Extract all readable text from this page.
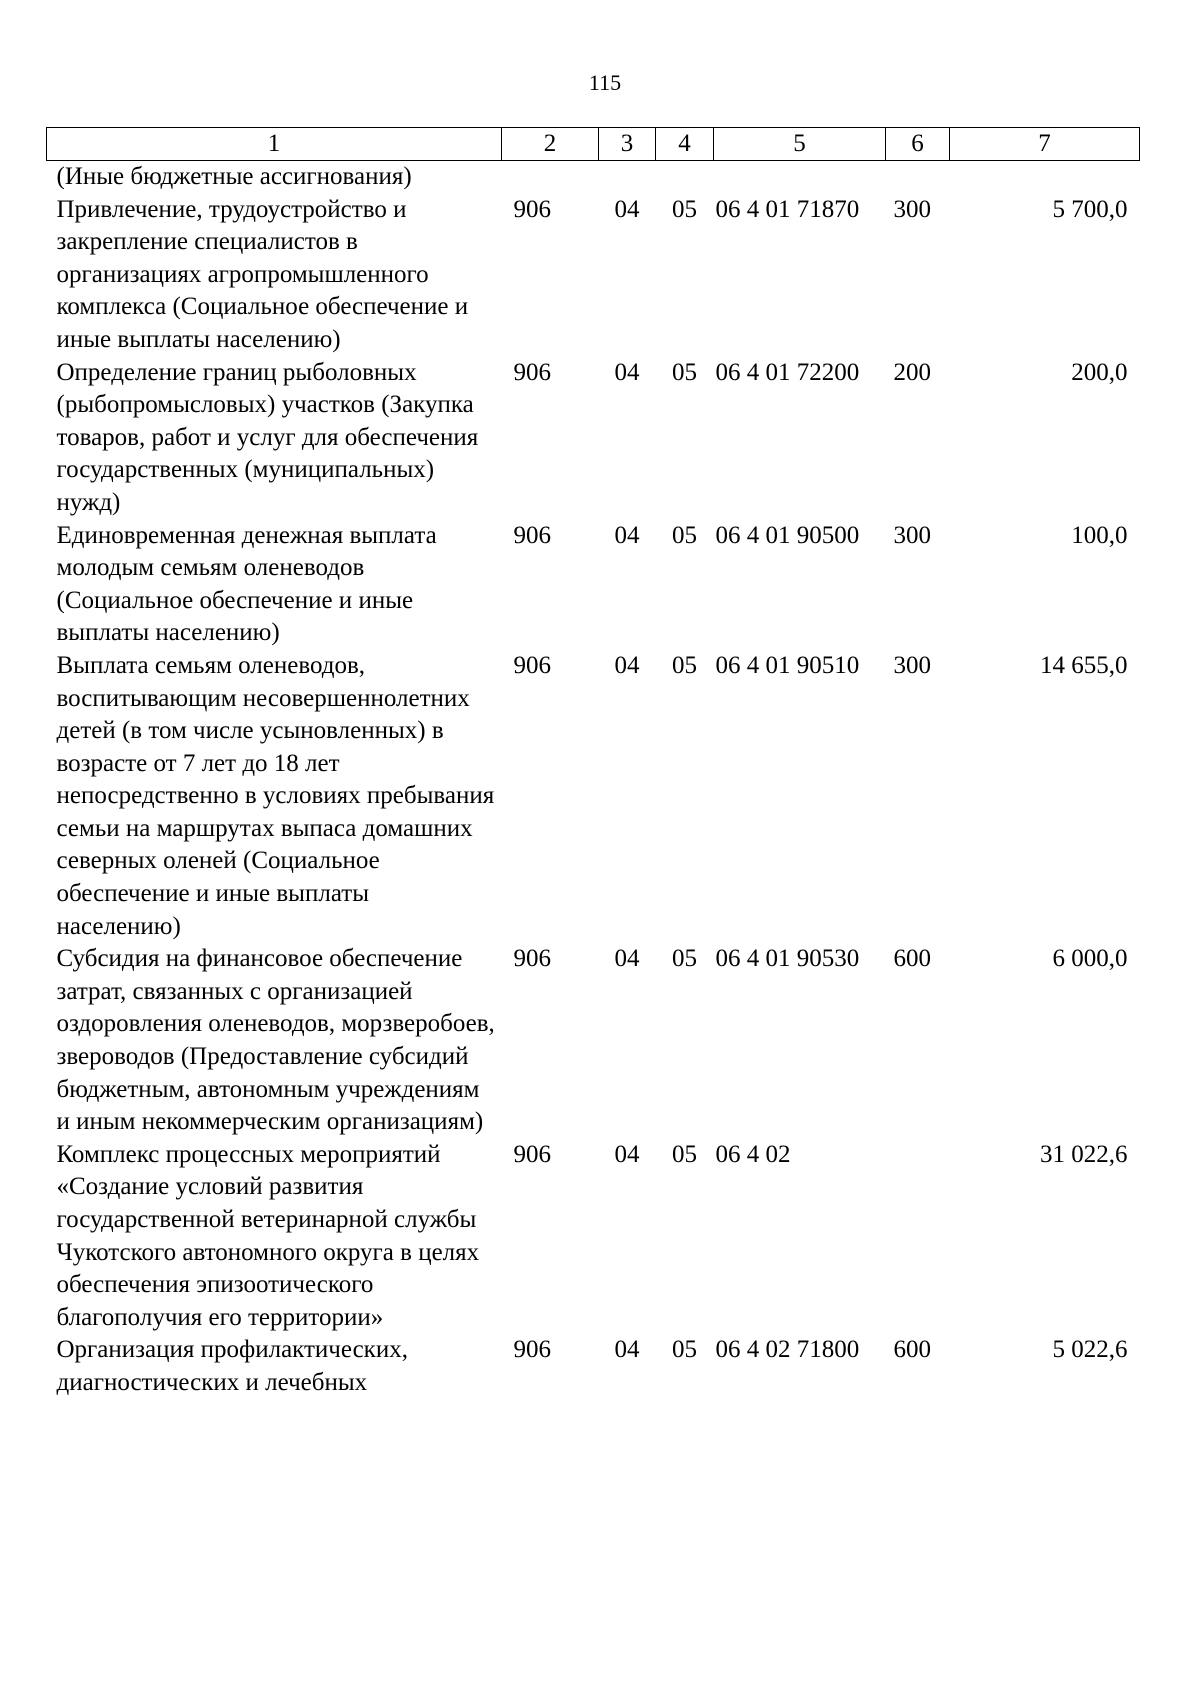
115
1	2	3	4	5	6	7
(Иные бюджетные ассигнования)						
Привлечение, трудоустройство и закрепление специалистов в организациях агропромышленного комплекса (Социальное обеспечение и иные выплаты населению)	906	04	05	06 4 01 71870	300	5 700,0
Определение границ рыболовных (рыбопромысловых) участков (Закупка товаров, работ и услуг для обеспечения государственных (муниципальных) нужд)	906	04	05	06 4 01 72200	200	200,0
Единовременная денежная выплата молодым семьям оленеводов (Социальное обеспечение и иные выплаты населению)	906	04	05	06 4 01 90500	300	100,0
Выплата семьям оленеводов, воспитывающим несовершеннолетних детей (в том числе усыновленных) в возрасте от 7 лет до 18 лет непосредственно в условиях пребывания семьи на маршрутах выпаса домашних северных оленей (Социальное обеспечение и иные выплаты населению)	906	04	05	06 4 01 90510	300	14 655,0
Субсидия на финансовое обеспечение затрат, связанных с организацией оздоровления оленеводов, морзверобоев, звероводов (Предоставление субсидий бюджетным, автономным учреждениям и иным некоммерческим организациям)	906	04	05	06 4 01 90530	600	6 000,0
Комплекс процессных мероприятий «Создание условий развития государственной ветеринарной службы Чукотского автономного округа в целях обеспечения эпизоотического благополучия его территории»	906	04	05	06 4 02		31 022,6
Организация профилактических, диагностических и лечебных	906	04	05	06 4 02 71800	600	5 022,6
